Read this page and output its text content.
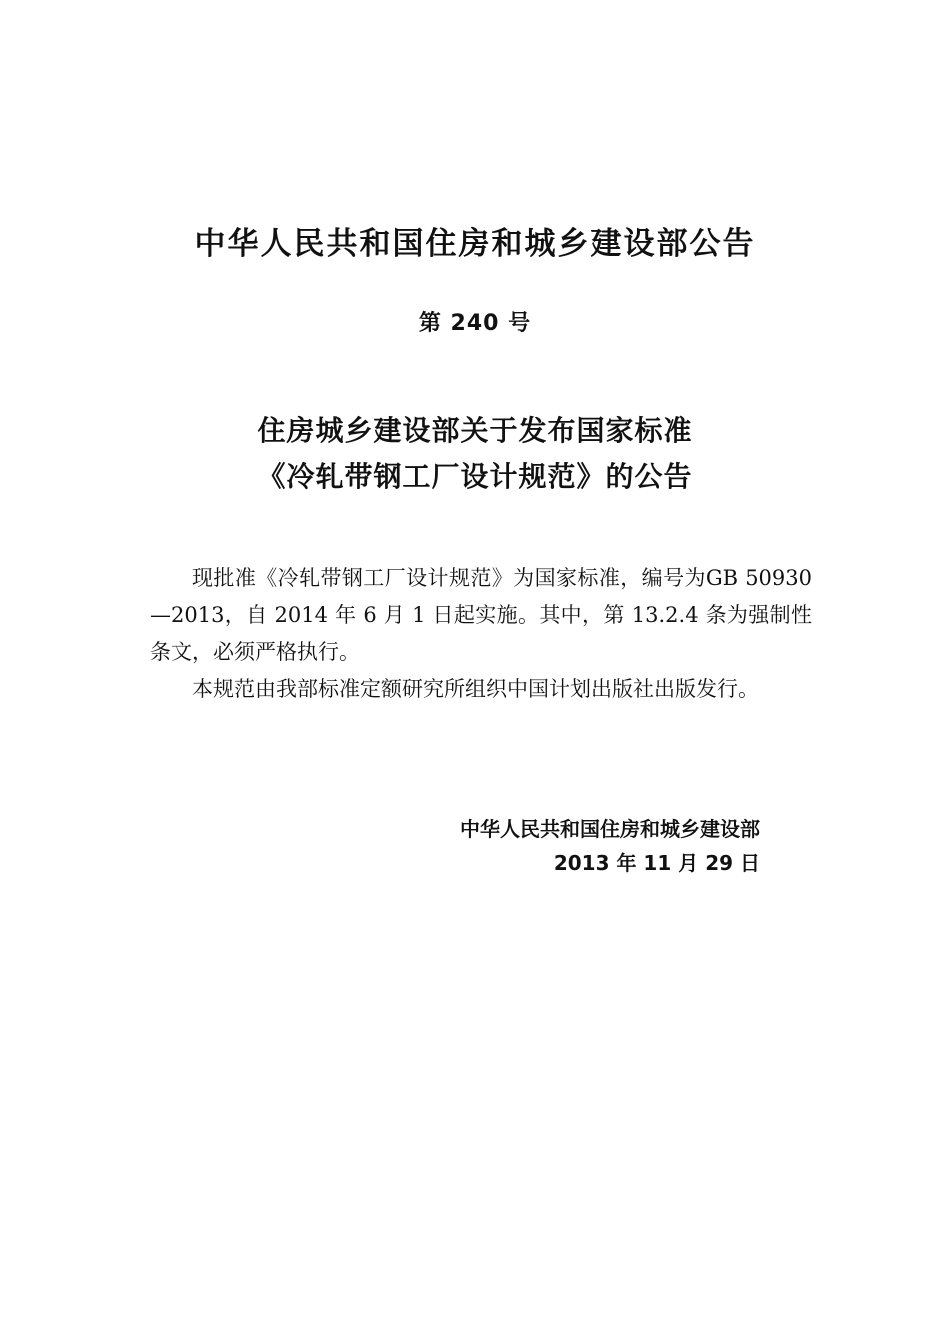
中华人民共和国住房和城乡建设部公告
第 240 号
住房城乡建设部关于发布国家标准
《冷轧带钢工厂设计规范》的公告

现批准《冷轧带钢工厂设计规范》为国家标准，编号为GB 50930—2013，自 2014 年 6 月 1 日起实施。其中，第 13.2.4 条为强制性条文，必须严格执行。

本规范由我部标准定额研究所组织中国计划出版社出版发行。

中华人民共和国住房和城乡建设部
2013 年 11 月 29 日
